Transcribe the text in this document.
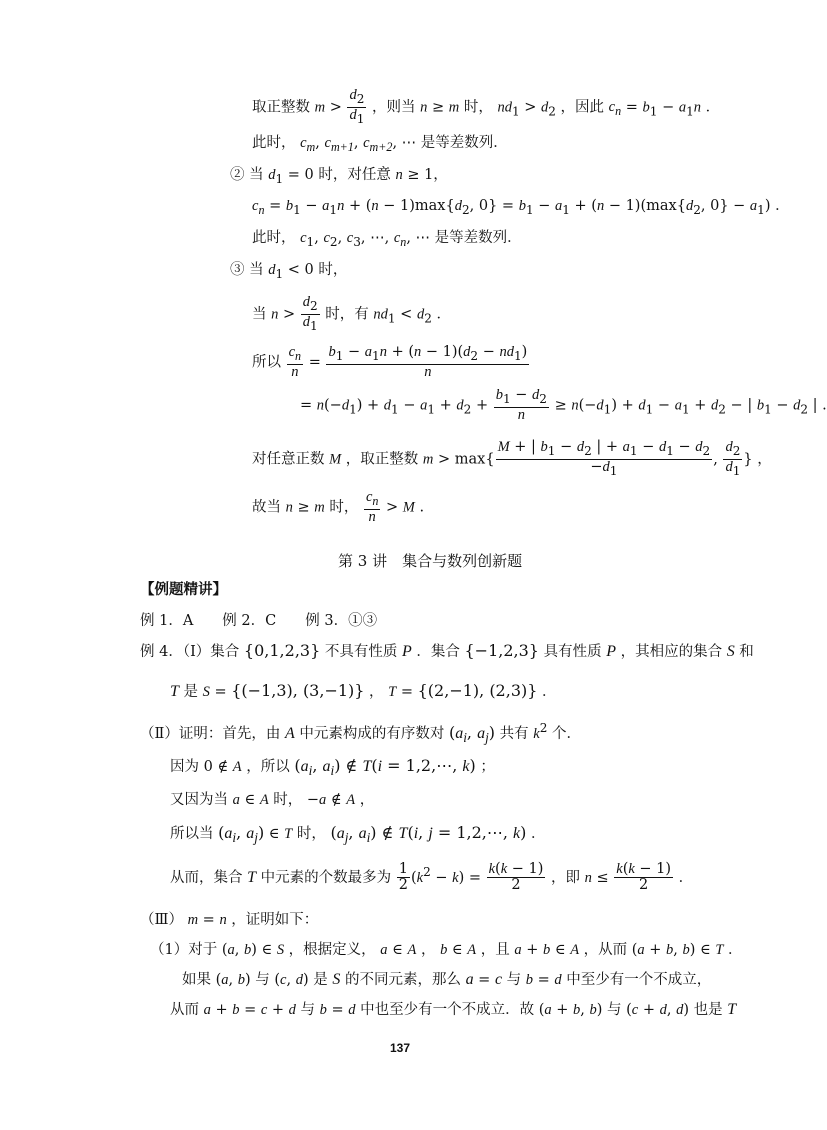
取正整数 $m > \frac{d_2}{d_1}$ ，则当 n ≥ m 时， $nd_1 > d_2$ ，因此 $c_n = b_1 - a_1n$ ．
此时， $c_m$, $c_{m+1}$, $c_{m+2}$, ⋯ 是等差数列．
② 当 $d_1 = 0$ 时，对任意 n ≥ 1，
$c_n = b_1 - a_1n + (n - 1)\max\{d_2$, $0\} = b_1 - a_1 + (n - 1)(\max\{d_2$, $0\} - a_1$) ．
此时， $c_1$, $c_2$, $c_3$, ⋯, $c_n$, ⋯ 是等差数列．
③ 当 $d_1 < 0$ 时，
当 $n > \frac{d_2}{d_1}$ 时，有 $nd_1 < d_2$ ．
所以 $\frac{c_n}{n} = \frac{b_1 - a_1n + (n - 1)(d_2 - nd_1)}{n}$
= $n(-d_1) + d_1 - a_1 + d_2 + \frac{b_1 - d_2}{n} \ge n(-d_1) + d_1 - a_1 + d_2$ − | $b_1 - d_2$ | .
对任意正数 M ，取正整数 $m > \max\{ \frac{M + | b_1 - d_2 | + a_1 - d_1 - d_2}{-d_1}$ , $\frac{d_2}{d_1}$ } ，
故当 n ≥ m 时， $\frac{c_n}{n} > M$ .
第 3 讲　集合与数列创新题
【例题精讲】
例 1．A　　例 2．C　　例 3．①③
例 4．（Ⅰ）集合 {0,1,2,3} 不具有性质 P ．集合 {−1,2,3} 具有性质 P ，其相应的集合 S 和
T 是 S = {(−1,3), (3,−1)} ， T = {(2,−1), (2,3)} ．
（Ⅱ）证明：首先，由 A 中元素构成的有序数对 ($a_i$, $a_j$) 共有 $k^2$ 个．
因为 0 ∉ A ，所以 ($a_i$, $a_i$) ∉ T(i = 1,2,⋯, k) ；
又因为当 a ∈ A 时， −a ∉ A ，
所以当 ($a_i$, $a_j$) ∈ T 时， ($a_j$, $a_i$) ∉ T(i, j = 1,2,⋯, k) ．
从而，集合 T 中元素的个数最多为 $\frac{1}{2} (k^2 - k) = \frac{k(k - 1)}{2}$ ，即 $n \le \frac{k(k - 1)}{2}$ ．
（Ⅲ） m = n ，证明如下：
（1）对于 (a, b) ∈ S ，根据定义， a ∈ A ， b ∈ A ，且 a + b ∈ A ，从而 (a + b, b) ∈ T ．
如果 (a, b) 与 (c, d) 是 S 的不同元素，那么 a = c 与 b = d 中至少有一个不成立，
从而 a + b = c + d 与 b = d 中也至少有一个不成立．故 (a + b, b) 与 (c + d, d) 也是 T
137
